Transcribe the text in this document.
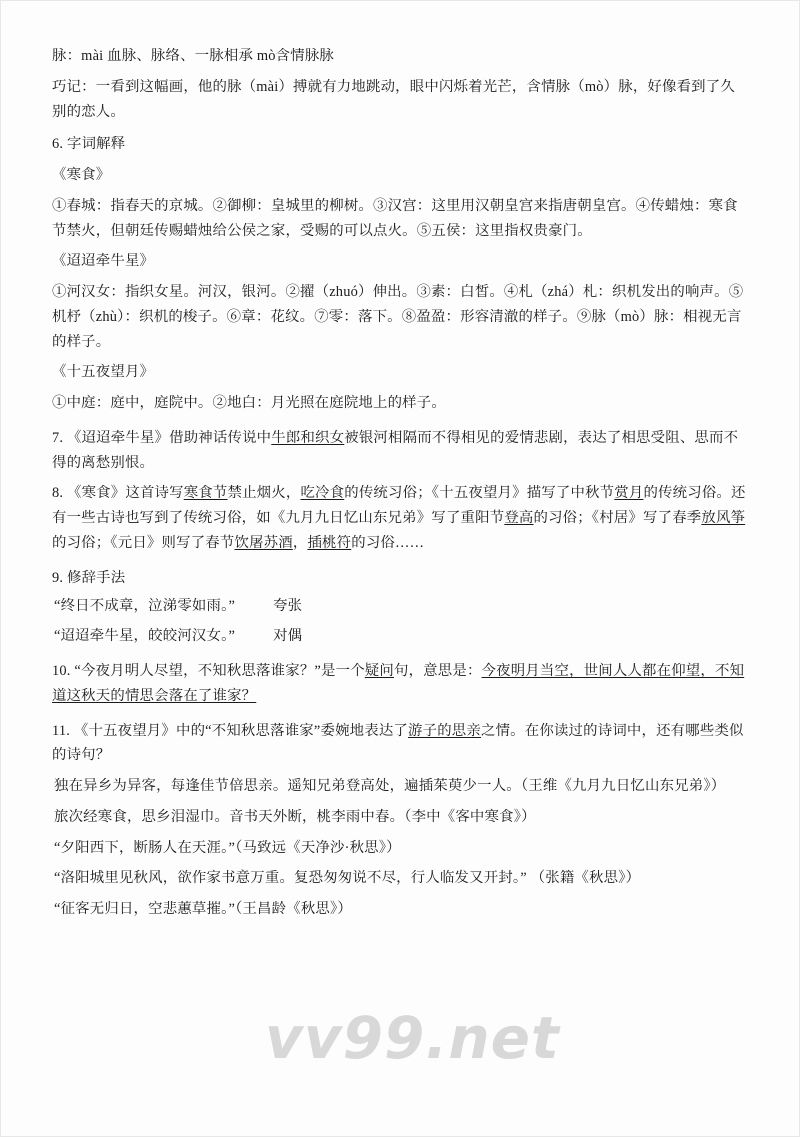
vv99.net

脉：mài 血脉、脉络、一脉相承 mò含情脉脉

巧记：一看到这幅画，他的脉（mài）搏就有力地跳动，眼中闪烁着光芒，含情脉（mò）脉，好像看到了久别的恋人。

6. 字词解释

《寒食》

①春城：指春天的京城。②御柳：皇城里的柳树。③汉宫：这里用汉朝皇宫来指唐朝皇宫。④传蜡烛：寒食节禁火，但朝廷传赐蜡烛给公侯之家，受赐的可以点火。⑤五侯：这里指权贵豪门。

《迢迢牵牛星》

①河汉女：指织女星。河汉，银河。②擢（zhuó）伸出。③素：白皙。④札（zhá）札：织机发出的响声。⑤机杼（zhù）：织机的梭子。⑥章：花纹。⑦零：落下。⑧盈盈：形容清澈的样子。⑨脉（mò）脉：相视无言的样子。

《十五夜望月》

①中庭：庭中，庭院中。②地白：月光照在庭院地上的样子。

7. 《迢迢牵牛星》借助神话传说中牛郎和织女被银河相隔而不得相见的爱情悲剧，表达了相思受阻、思而不得的离愁别恨。

8. 《寒食》这首诗写寒食节禁止烟火，吃冷食的传统习俗；《十五夜望月》描写了中秋节赏月的传统习俗。还有一些古诗也写到了传统习俗，如《九月九日忆山东兄弟》写了重阳节登高的习俗；《村居》写了春季放风筝的习俗；《元日》则写了春节饮屠苏酒，插桃符的习俗……

9. 修辞手法

“终日不成章，泣涕零如雨。”	夸张

“迢迢牵牛星，皎皎河汉女。”	对偶

10. “今夜月明人尽望，不知秋思落谁家？”是一个疑问句，意思是：今夜明月当空，世间人人都在仰望，不知道这秋天的情思会落在了谁家？

11. 《十五夜望月》中的“不知秋思落谁家”委婉地表达了游子的思亲之情。在你读过的诗词中，还有哪些类似的诗句？

独在异乡为异客，每逢佳节倍思亲。遥知兄弟登高处，遍插茱萸少一人。（王维《九月九日忆山东兄弟》）

旅次经寒食，思乡泪湿巾。音书天外断，桃李雨中春。（李中《客中寒食》）

“夕阳西下，断肠人在天涯。”（马致远《天净沙·秋思》）

“洛阳城里见秋风，欲作家书意万重。复恐匆匆说不尽，行人临发又开封。” （张籍《秋思》）

“征客无归日，空悲蕙草摧。”（王昌龄《秋思》）
